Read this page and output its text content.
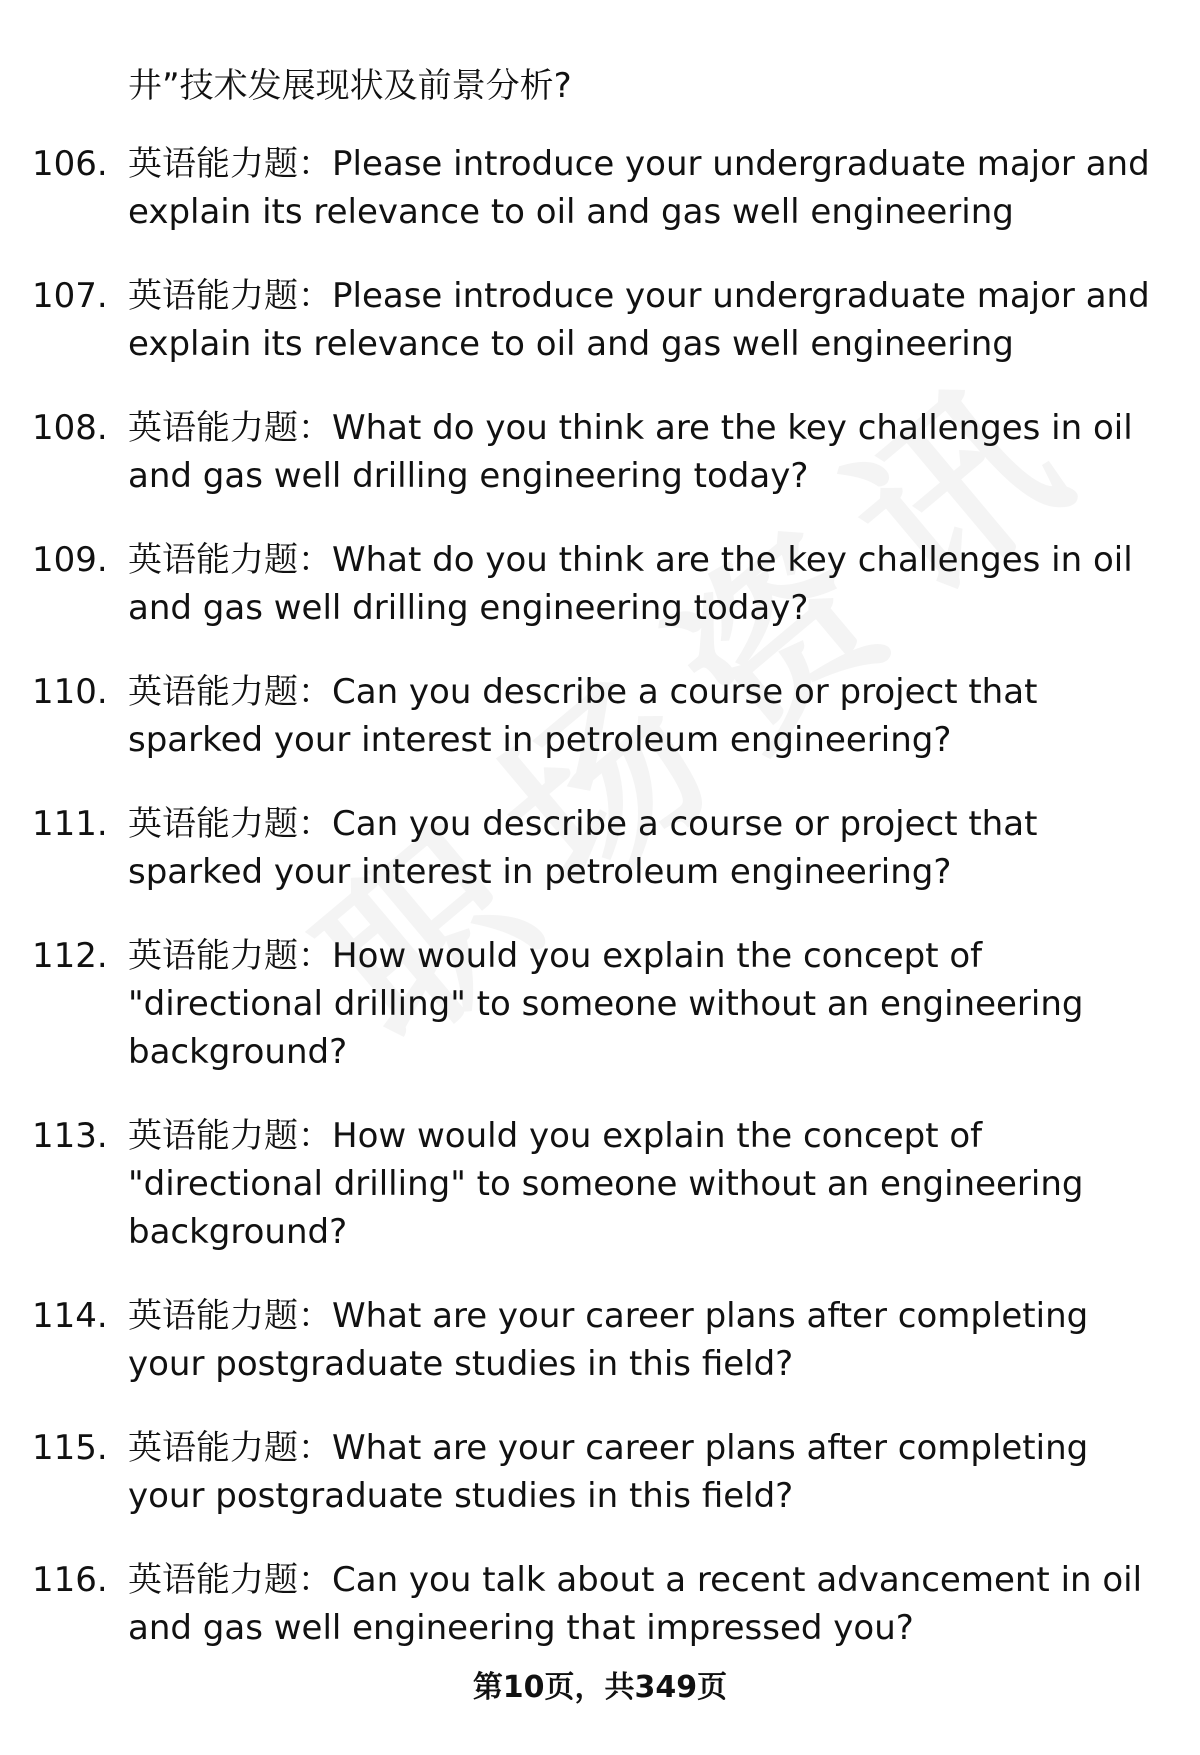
井”技术发展现状及前景分析?
106. 英语能力题：Please introduce your undergraduate major and explain its relevance to oil and gas well engineering
107. 英语能力题：Please introduce your undergraduate major and explain its relevance to oil and gas well engineering
108. 英语能力题：What do you think are the key challenges in oil and gas well drilling engineering today?
109. 英语能力题：What do you think are the key challenges in oil and gas well drilling engineering today?
110. 英语能力题：Can you describe a course or project that sparked your interest in petroleum engineering?
111. 英语能力题：Can you describe a course or project that sparked your interest in petroleum engineering?
112. 英语能力题：How would you explain the concept of "directional drilling" to someone without an engineering background?
113. 英语能力题：How would you explain the concept of "directional drilling" to someone without an engineering background?
114. 英语能力题：What are your career plans after completing your postgraduate studies in this field?
115. 英语能力题：What are your career plans after completing your postgraduate studies in this field?
116. 英语能力题：Can you talk about a recent advancement in oil and gas well engineering that impressed you?
第10页，共349页
